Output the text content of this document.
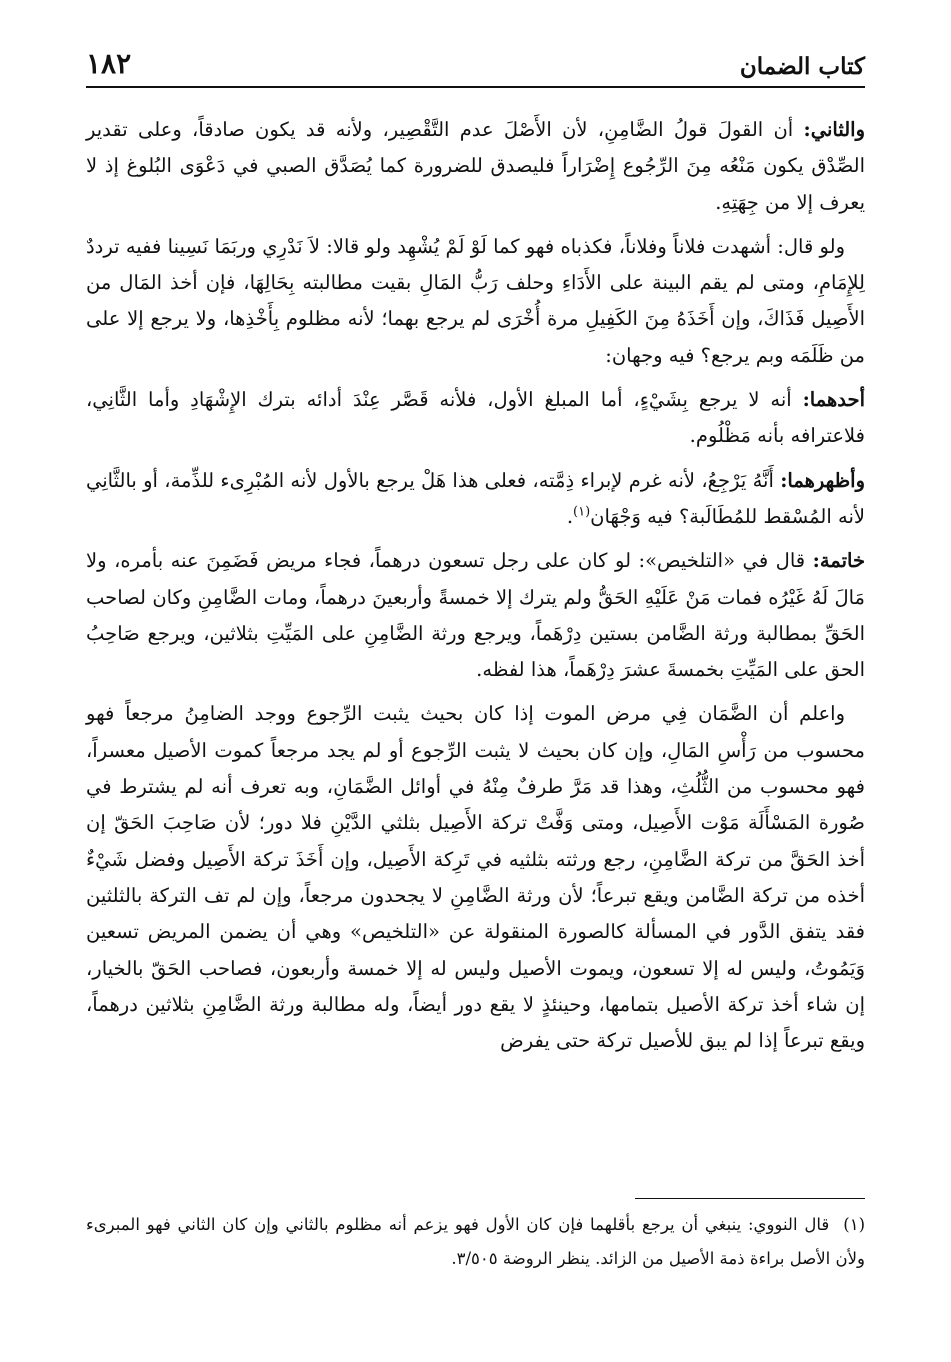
كتاب الضمان
١٨٢

والثاني: أن القولَ قولُ الضَّامِنِ، لأن الأَصْلَ عدم التَّقْصِير، ولأنه قد يكون صادقاً، وعلى تقدير الصِّدْق يكون مَنْعُه مِنَ الرِّجُوع إِضْرَاراً فليصدق للضرورة كما يُصَدَّق الصبي في دَعْوَى البُلوغ إذ لا يعرف إلا من جِهَتِهِ.

ولو قال: أشهدت فلاناً وفلاناً، فكذباه فهو كما لَوْ لَمْ يُشْهِد ولو قالا: لاَ نَدْرِي وربَمَا نَسِينا ففيه ترددٌ لِلإِمَامِ، ومتى لم يقم البينة على الأَدَاءِ وحلف رَبُّ المَالِ بقيت مطالبته بِحَالِهَا، فإن أخذ المَال من الأَصِيل فَذَاكَ، وإن أَخَذَهُ مِنَ الكَفِيلِ مرة أُخْرَى لم يرجع بهما؛ لأنه مظلوم بِأَخْذِها، ولا يرجع إلا على من ظَلَمَه وبم يرجع؟ فيه وجهان:

أحدهما: أنه لا يرجع بِشَيْءٍ، أما المبلغ الأول، فلأنه قَصَّر عِنْدَ أدائه بترك الإِشْهَادِ وأما الثَّانِي، فلاعترافه بأنه مَظْلُوم.

وأظهرهما: أَنَّهُ يَرْجِعُ، لأنه غرم لإبراء ذِمَّته، فعلى هذا هَلْ يرجع بالأول لأنه المُبْرِىء للذِّمة، أو بالثَّانِي لأنه المُسْقط للمُطَالَبة؟ فيه وَجْهَان$^{(١)}$.

خاتمة: قال في «التلخيص»: لو كان على رجل تسعون درهماً، فجاء مريض فَضَمِنَ عنه بأمره، ولا مَالَ لَهُ غَيْرُه فمات مَنْ عَلَيْهِ الحَقُّ ولم يترك إلا خمسةً وأربعينَ درهماً، ومات الضَّامِنِ وكان لصاحب الحَقِّ بمطالبة ورثة الضَّامن بستين دِرْهَماً، ويرجع ورثة الضَّامِنِ على المَيِّتِ بثلاثين، ويرجع صَاحِبُ الحق على المَيِّتِ بخمسةَ عشرَ دِرْهَماً، هذا لفظه.

واعلم أن الضَّمَان فِي مرض الموت إذا كان بحيث يثبت الرِّجوع ووجد الضامِنُ مرجعاً فهو محسوب من رَأْسِ المَالِ، وإن كان بحيث لا يثبت الرِّجوع أو لم يجد مرجعاً كموت الأصيل معسراً، فهو محسوب من الثُّلُثِ، وهذا قد مَرَّ طرفٌ مِنْهُ في أوائل الضَّمَانِ، وبه تعرف أنه لم يشترط في صُورة المَسْأَلَة مَوْت الأَصِيل، ومتى وَفَّتْ تركة الأَصِيل بثلثي الدَّيْنِ فلا دور؛ لأن صَاحِبَ الحَقّ إن أخذ الحَقَّ من تركة الضَّامِنِ، رجع ورثته بثلثيه في تَرِكة الأَصِيل، وإن أَخَذَ تركة الأَصِيل وفضل شَيْءٌ أخذه من تركة الضَّامن ويقع تبرعاً؛ لأن ورثة الضَّامِنِ لا يجحدون مرجعاً، وإن لم تف التركة بالثلثين فقد يتفق الدَّور في المسألة كالصورة المنقولة عن «التلخيص» وهي أن يضمن المريض تسعين وَيَمُوتُ، وليس له إلا تسعون، ويموت الأصيل وليس له إلا خمسة وأربعون، فصاحب الحَقّ بالخيار، إن شاء أخذ تركة الأصيل بتمامها، وحينئذٍ لا يقع دور أيضاً، وله مطالبة ورثة الضَّامِنِ بثلاثين درهماً، ويقع تبرعاً إذا لم يبق للأصيل تركة حتى يفرض

(١)قال النووي: ينبغي أن يرجع بأقلهما فإن كان الأول فهو يزعم أنه مظلوم بالثاني وإن كان الثاني فهو المبرىء ولأن الأصل براءة ذمة الأصيل من الزائد. ينظر الروضة ٣/٥٠٥.
